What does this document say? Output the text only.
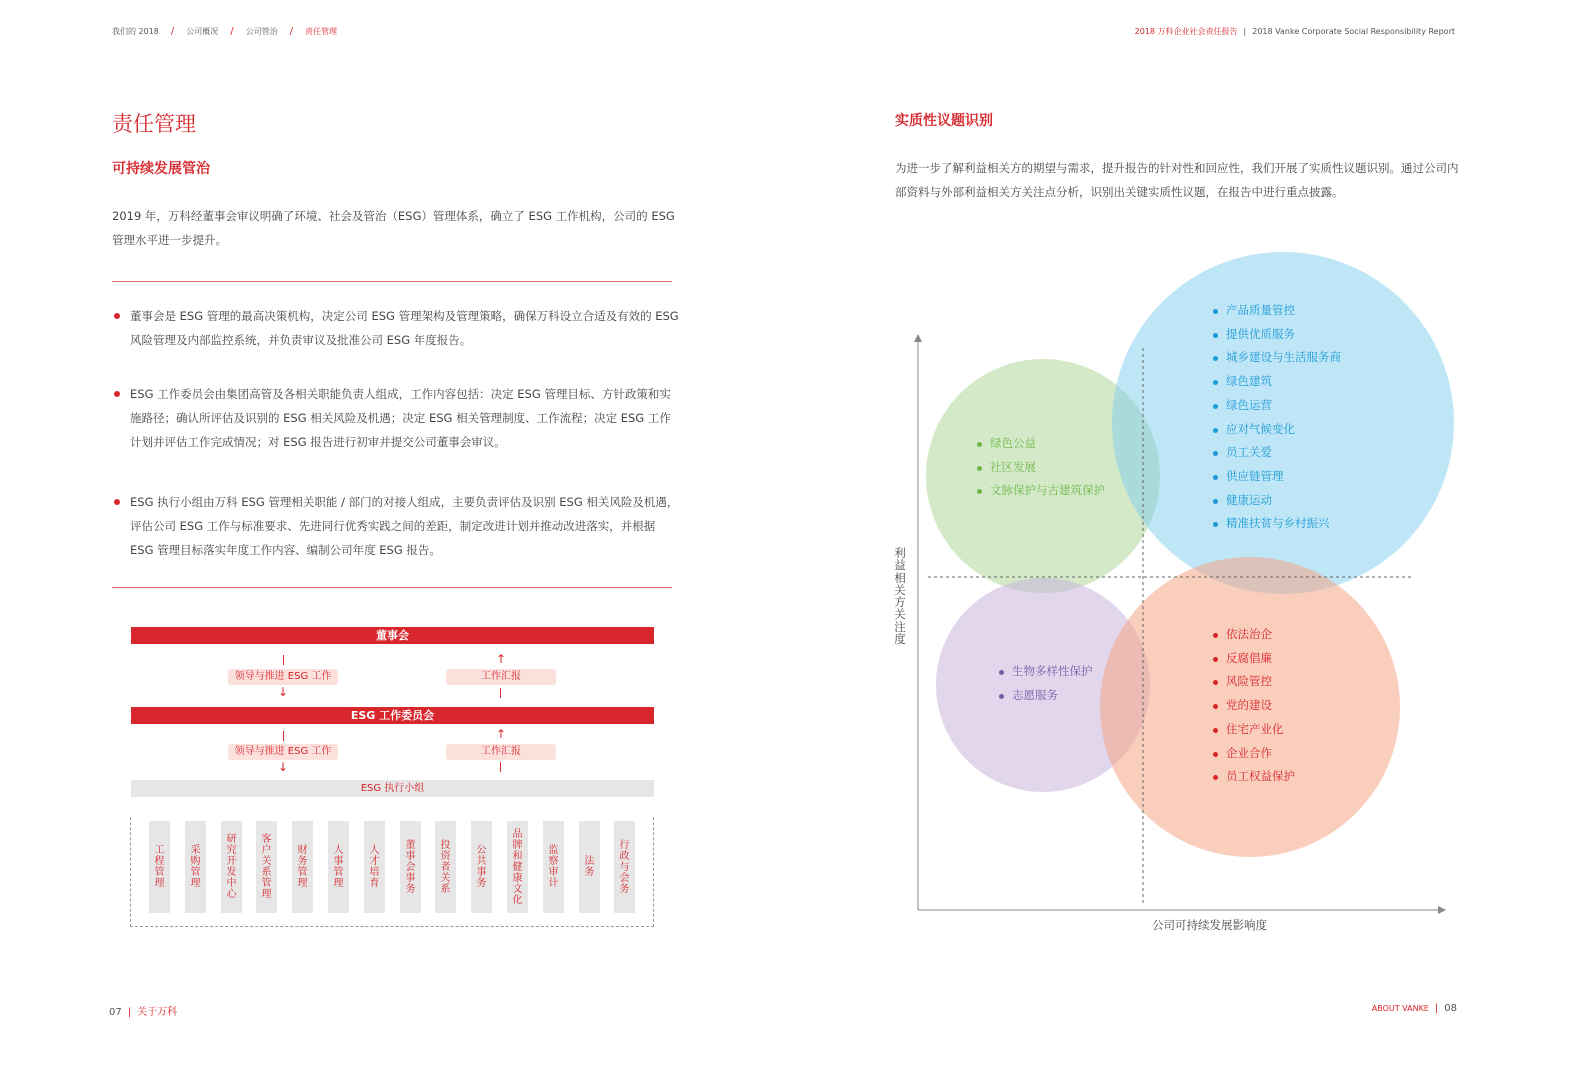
我们的 2018 / 公司概况 / 公司管治 / 责任管理	2018 万科企业社会责任报告 | 2018 Vanke Corporate Social Responsibility Report
责任管理
可持续发展管治
2019 年，万科经董事会审议明确了环境、社会及管治（ESG）管理体系，确立了 ESG 工作机构，公司的 ESG 管理水平进一步提升。
董事会是 ESG 管理的最高决策机构，决定公司 ESG 管理架构及管理策略，确保万科设立合适及有效的 ESG 风险管理及内部监控系统，并负责审议及批准公司 ESG 年度报告。
ESG 工作委员会由集团高管及各相关职能负责人组成，工作内容包括：决定 ESG 管理目标、方针政策和实施路径；确认所评估及识别的 ESG 相关风险及机遇；决定 ESG 相关管理制度、工作流程；决定 ESG 工作计划并评估工作完成情况；对 ESG 报告进行初审并提交公司董事会审议。
ESG 执行小组由万科 ESG 管理相关职能 / 部门的对接人组成，主要负责评估及识别 ESG 相关风险及机遇，评估公司 ESG 工作与标准要求、先进同行优秀实践之间的差距，制定改进计划并推动改进落实，并根据 ESG 管理目标落实年度工作内容、编制公司年度 ESG 报告。
董事会
领导与推进 ESG 工作
↓
↑
工作汇报
ESG 工作委员会
领导与推进 ESG 工作
↓
↑
工作汇报
ESG 执行小组
工程管理
采购管理
研究开发中心
客户关系管理
财务管理
人事管理
人才培育
董事会事务
投资者关系
公共事务
品牌和健康文化
监察审计
法务
行政与会务
07 | 关于万科	ABOUT VANKE | 08
实质性议题识别
为进一步了解利益相关方的期望与需求，提升报告的针对性和回应性，我们开展了实质性议题识别。通过公司内部资料与外部利益相关方关注点分析，识别出关键实质性议题，在报告中进行重点披露。
绿色公益
社区发展
文脉保护与古建筑保护
产品质量管控
提供优质服务
城乡建设与生活服务商
绿色建筑
绿色运营
应对气候变化
员工关爱
供应链管理
健康运动
精准扶贫与乡村振兴
生物多样性保护
志愿服务
依法治企
反腐倡廉
风险管控
党的建设
住宅产业化
企业合作
员工权益保护
利益相关方关注度
公司可持续发展影响度
